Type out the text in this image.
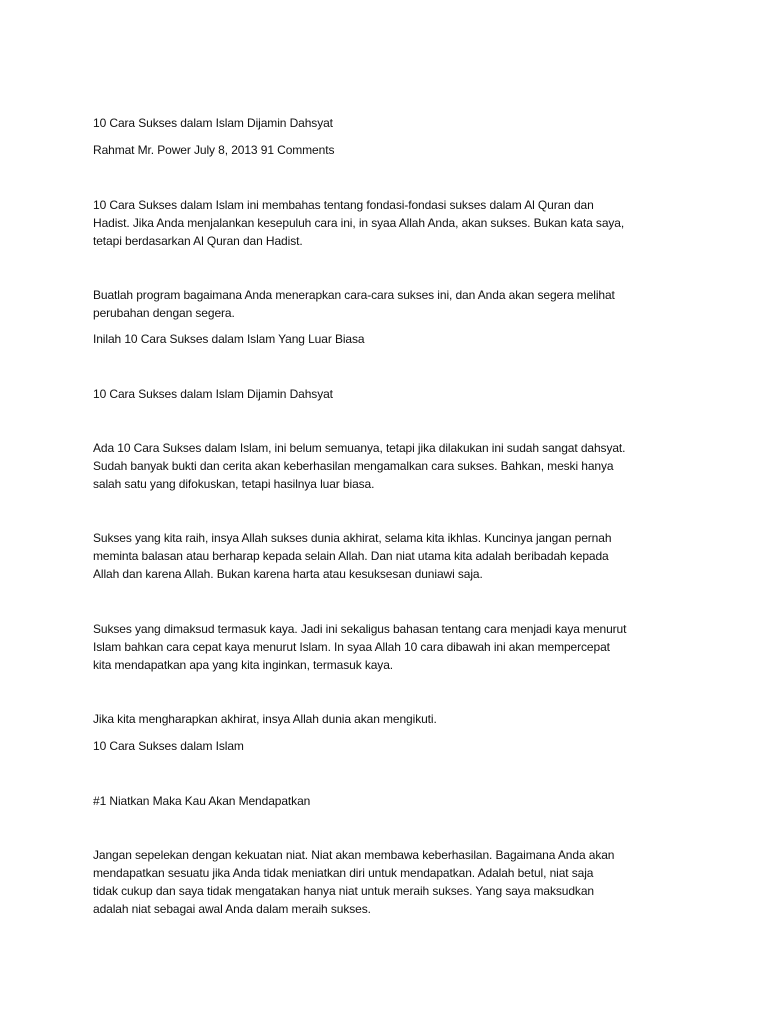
10 Cara Sukses dalam Islam Dijamin Dahsyat
Rahmat Mr. Power July 8, 2013 91 Comments
10 Cara Sukses dalam Islam ini membahas tentang fondasi-fondasi sukses dalam Al Quran dan
Hadist. Jika Anda menjalankan kesepuluh cara ini, in syaa Allah Anda, akan sukses. Bukan kata saya,
tetapi berdasarkan Al Quran dan Hadist.
Buatlah program bagaimana Anda menerapkan cara-cara sukses ini, dan Anda akan segera melihat
perubahan dengan segera.
Inilah 10 Cara Sukses dalam Islam Yang Luar Biasa
10 Cara Sukses dalam Islam Dijamin Dahsyat
Ada 10 Cara Sukses dalam Islam, ini belum semuanya, tetapi jika dilakukan ini sudah sangat dahsyat.
Sudah banyak bukti dan cerita akan keberhasilan mengamalkan cara sukses. Bahkan, meski hanya
salah satu yang difokuskan, tetapi hasilnya luar biasa.
Sukses yang kita raih, insya Allah sukses dunia akhirat, selama kita ikhlas. Kuncinya jangan pernah
meminta balasan atau berharap kepada selain Allah. Dan niat utama kita adalah beribadah kepada
Allah dan karena Allah. Bukan karena harta atau kesuksesan duniawi saja.
Sukses yang dimaksud termasuk kaya. Jadi ini sekaligus bahasan tentang cara menjadi kaya menurut
Islam bahkan cara cepat kaya menurut Islam. In syaa Allah 10 cara dibawah ini akan mempercepat
kita mendapatkan apa yang kita inginkan, termasuk kaya.
Jika kita mengharapkan akhirat, insya Allah dunia akan mengikuti.
10 Cara Sukses dalam Islam
#1 Niatkan Maka Kau Akan Mendapatkan
Jangan sepelekan dengan kekuatan niat. Niat akan membawa keberhasilan. Bagaimana Anda akan
mendapatkan sesuatu jika Anda tidak meniatkan diri untuk mendapatkan. Adalah betul, niat saja
tidak cukup dan saya tidak mengatakan hanya niat untuk meraih sukses. Yang saya maksudkan
adalah niat sebagai awal Anda dalam meraih sukses.
